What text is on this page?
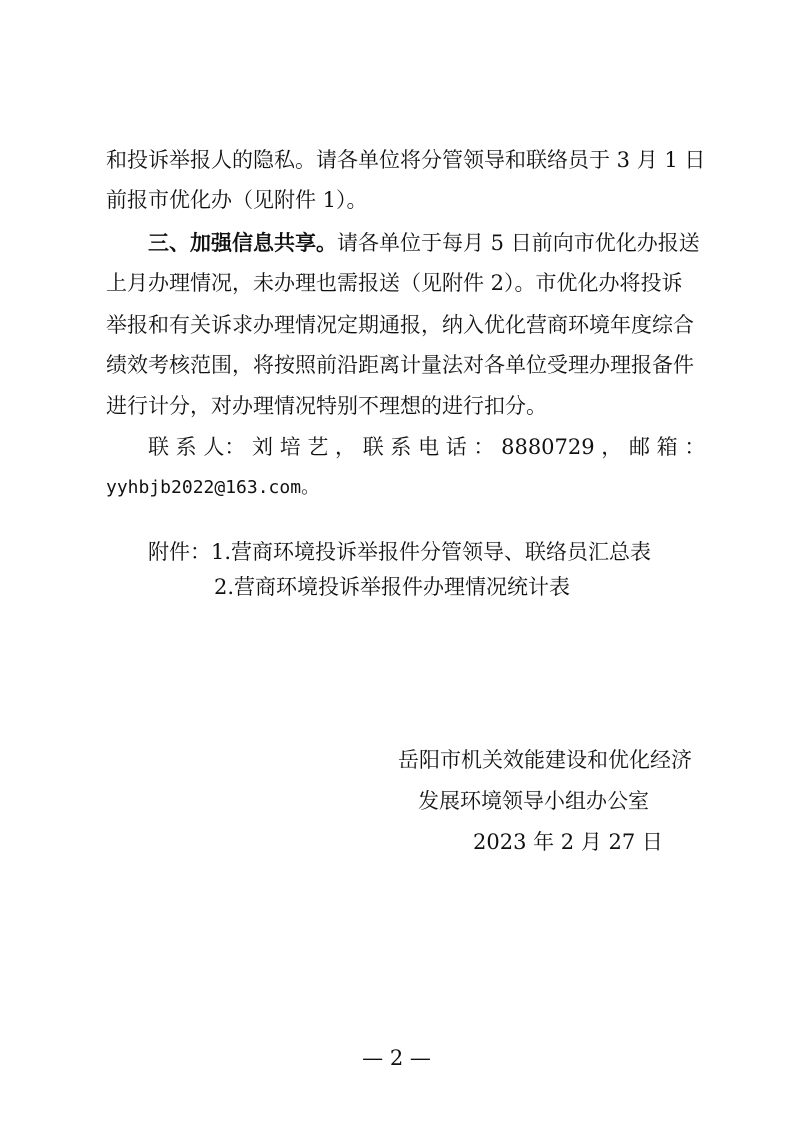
和投诉举报人的隐私。请各单位将分管领导和联络员于 3 月 1 日
前报市优化办（见附件 1）。
三、加强信息共享。请各单位于每月 5 日前向市优化办报送
上月办理情况，未办理也需报送（见附件 2）。市优化办将投诉
举报和有关诉求办理情况定期通报，纳入优化营商环境年度综合
绩效考核范围，将按照前沿距离计量法对各单位受理办理报备件
进行计分，对办理情况特别不理想的进行扣分。
联 系 人： 刘 培 艺 ， 联 系 电 话 ： 8880729 ， 邮 箱 ：
yyhbjb2022@163.com。
附件：1.营商环境投诉举报件分管领导、联络员汇总表
2.营商环境投诉举报件办理情况统计表
岳阳市机关效能建设和优化经济
发展环境领导小组办公室
2023 年 2 月 27 日
— 2 —
